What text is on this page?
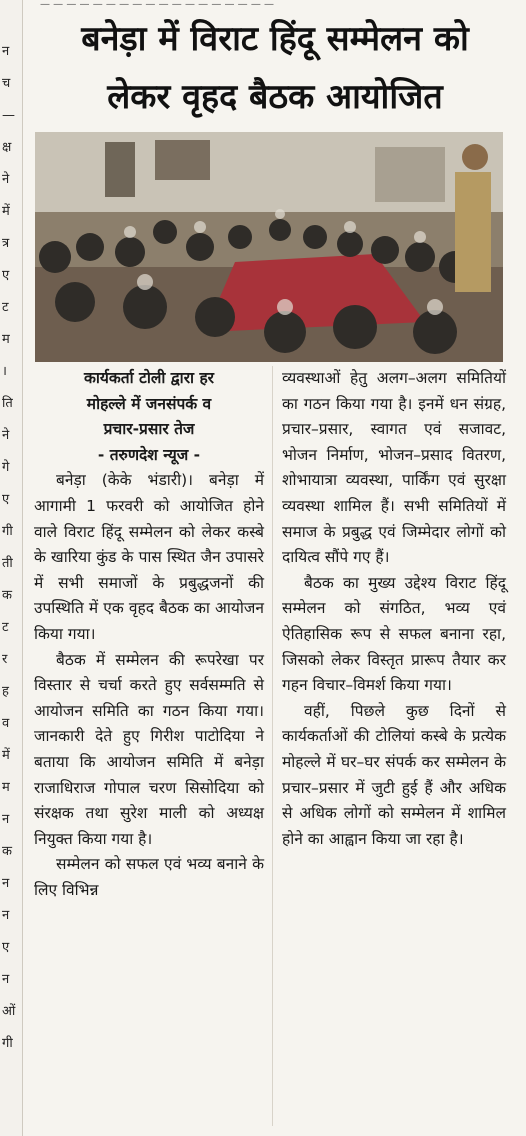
न
च
—
क्ष
ने
में
त्र
ए
ट
म
।
ति
ने
गे
ए
गी
ती
क
ट
र
ह
व
में
म
न
क
न
न
ए
न
ओं
गी
— — — — — — — — — — — — — — — — — —
बनेड़ा में विराट हिंदू सम्मेलन को
लेकर वृहद बैठक आयोजित
कार्यकर्ता टोली द्वारा हर
मोहल्ले में जनसंपर्क व
प्रचार-प्रसार तेज
- तरुणदेश न्यूज -

बनेड़ा (केके भंडारी)। बनेड़ा में आगामी 1 फरवरी को आयोजित होने वाले विराट हिंदू सम्मेलन को लेकर कस्बे के खारिया कुंड के पास स्थित जैन उपासरे में सभी समाजों के प्रबुद्धजनों की उपस्थिति में एक वृहद बैठक का आयोजन किया गया।

बैठक में सम्मेलन की रूपरेखा पर विस्तार से चर्चा करते हुए सर्वसम्मति से आयोजन समिति का गठन किया गया। जानकारी देते हुए गिरीश पाटोदिया ने बताया कि आयोजन समिति में बनेड़ा राजाधिराज गोपाल चरण सिसोदिया को संरक्षक तथा सुरेश माली को अध्यक्ष नियुक्त किया गया है।

सम्मेलन को सफल एवं भव्य बनाने के लिए विभिन्न

व्यवस्थाओं हेतु अलग–अलग समितियों का गठन किया गया है। इनमें धन संग्रह, प्रचार–प्रसार, स्वागत एवं सजावट, भोजन निर्माण, भोजन–प्रसाद वितरण, शोभायात्रा व्यवस्था, पार्किंग एवं सुरक्षा व्यवस्था शामिल हैं। सभी समितियों में समाज के प्रबुद्ध एवं जिम्मेदार लोगों को दायित्व सौंपे गए हैं।

बैठक का मुख्य उद्देश्य विराट हिंदू सम्मेलन को संगठित, भव्य एवं ऐतिहासिक रूप से सफल बनाना रहा, जिसको लेकर विस्तृत प्रारूप तैयार कर गहन विचार–विमर्श किया गया।

वहीं, पिछले कुछ दिनों से कार्यकर्ताओं की टोलियां कस्बे के प्रत्येक मोहल्ले में घर–घर संपर्क कर सम्मेलन के प्रचार–प्रसार में जुटी हुई हैं और अधिक से अधिक लोगों को सम्मेलन में शामिल होने का आह्वान किया जा रहा है।
